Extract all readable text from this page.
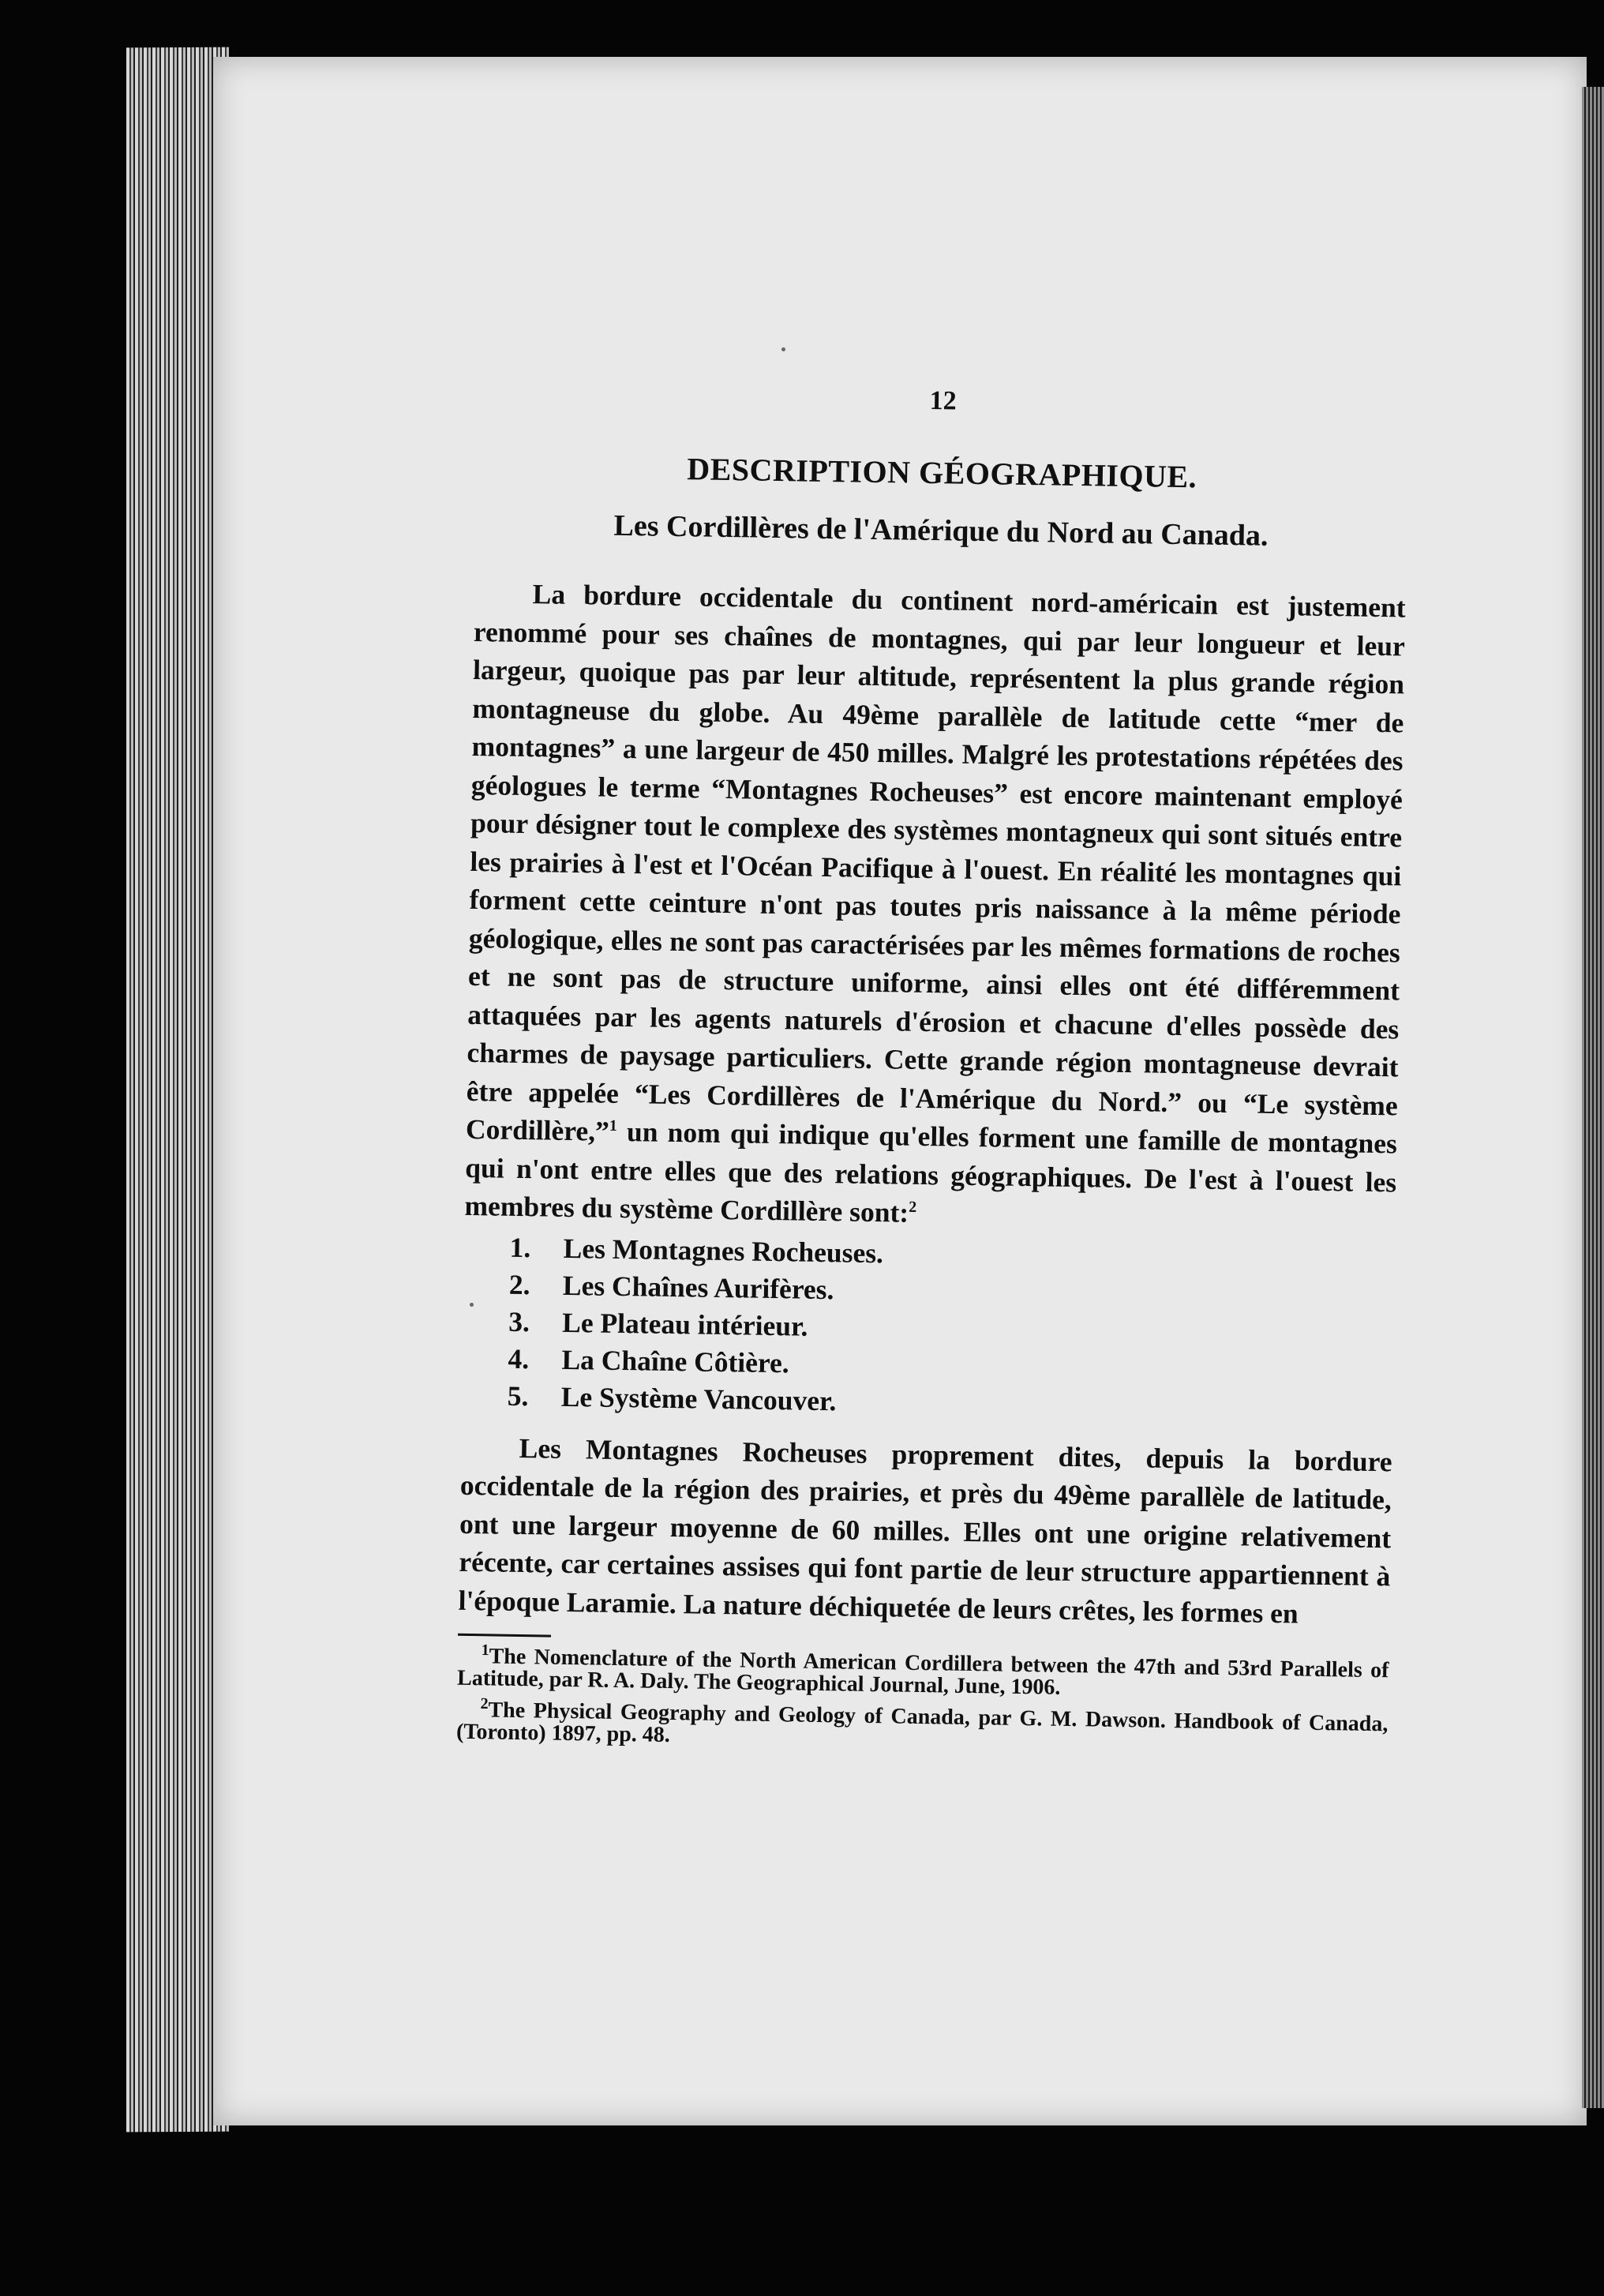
12
DESCRIPTION GÉOGRAPHIQUE.
Les Cordillères de l'Amérique du Nord au Canada.

La bordure occidentale du continent nord-américain est justement renommé pour ses chaînes de montagnes, qui par leur longueur et leur largeur, quoique pas par leur altitude, représentent la plus grande région montagneuse du globe. Au 49ème parallèle de latitude cette “mer de montagnes” a une largeur de 450 milles. Malgré les protestations répétées des géologues le terme “Montagnes Rocheuses” est encore maintenant employé pour désigner tout le complexe des systèmes montagneux qui sont situés entre les prairies à l'est et l'Océan Pacifique à l'ouest. En réalité les montagnes qui forment cette ceinture n'ont pas toutes pris naissance à la même période géologique, elles ne sont pas caractérisées par les mêmes formations de roches et ne sont pas de structure uniforme, ainsi elles ont été différemment attaquées par les agents naturels d'érosion et chacune d'elles possède des charmes de paysage particuliers. Cette grande région montagneuse devrait être appelée “Les Cordillères de l'Amérique du Nord.” ou “Le système Cordillère,”$^1$ un nom qui indique qu'elles forment une famille de montagnes qui n'ont entre elles que des relations géographiques. De l'est à l'ouest les membres du système Cordillère sont:$^2$

1.	Les Montagnes Rocheuses.
2.	Les Chaînes Aurifères.
3.	Le Plateau intérieur.
4.	La Chaîne Côtière.
5.	Le Système Vancouver.

Les Montagnes Rocheuses proprement dites, depuis la bordure occidentale de la région des prairies, et près du 49ème parallèle de latitude, ont une largeur moyenne de 60 milles. Elles ont une origine relativement récente, car certaines assises qui font partie de leur structure appartiennent à l'époque Laramie. La nature déchiquetée de leurs crêtes, les formes en

$^1$The Nomenclature of the North American Cordillera between the 47th and 53rd Parallels of Latitude, par R. A. Daly. The Geographical Journal, June, 1906.

$^2$The Physical Geography and Geology of Canada, par G. M. Dawson. Handbook of Canada, (Toronto) 1897, pp. 48.
